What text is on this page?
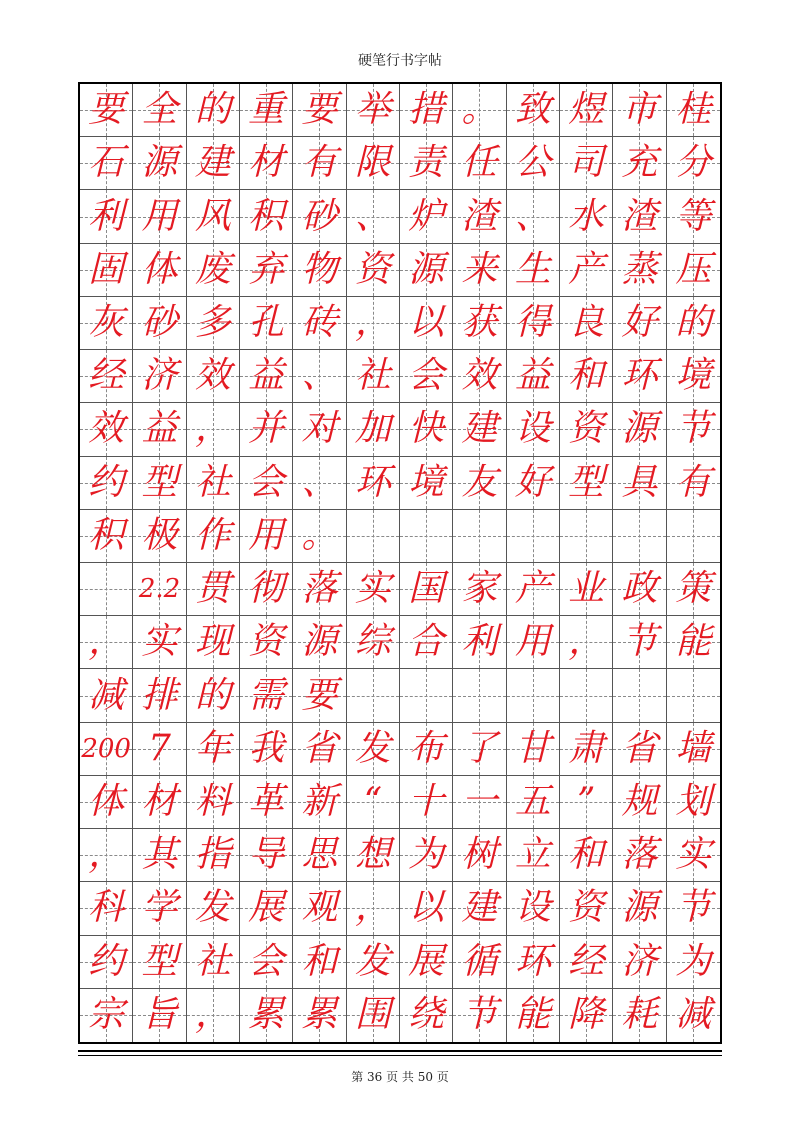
硬笔行书字帖
要 全 的 重 要 举 措 。 致 煜 市 桂
石 源 建 材 有 限 责 任 公 司 充 分
利 用 风 积 砂 、 炉 渣 、 水 渣 等
固 体 废 弃 物 资 源 来 生 产 蒸 压
灰 砂 多 孔 砖 ， 以 获 得 良 好 的
经 济 效 益 、 社 会 效 益 和 环 境
效 益 ， 并 对 加 快 建 设 资 源 节
约 型 社 会 、 环 境 友 好 型 具 有
积 极 作 用 。
2.2 贯 彻 落 实 国 家 产 业 政 策
， 实 现 资 源 综 合 利 用 ， 节 能
减 排 的 需 要
200 7 年 我 省 发 布 了 甘 肃 省 墙
体 材 料 革 新 “ 十 一 五 ” 规 划
， 其 指 导 思 想 为 树 立 和 落 实
科 学 发 展 观 ， 以 建 设 资 源 节
约 型 社 会 和 发 展 循 环 经 济 为
宗 旨 ， 累 累 围 绕 节 能 降 耗 减
第 36 页 共 50 页
